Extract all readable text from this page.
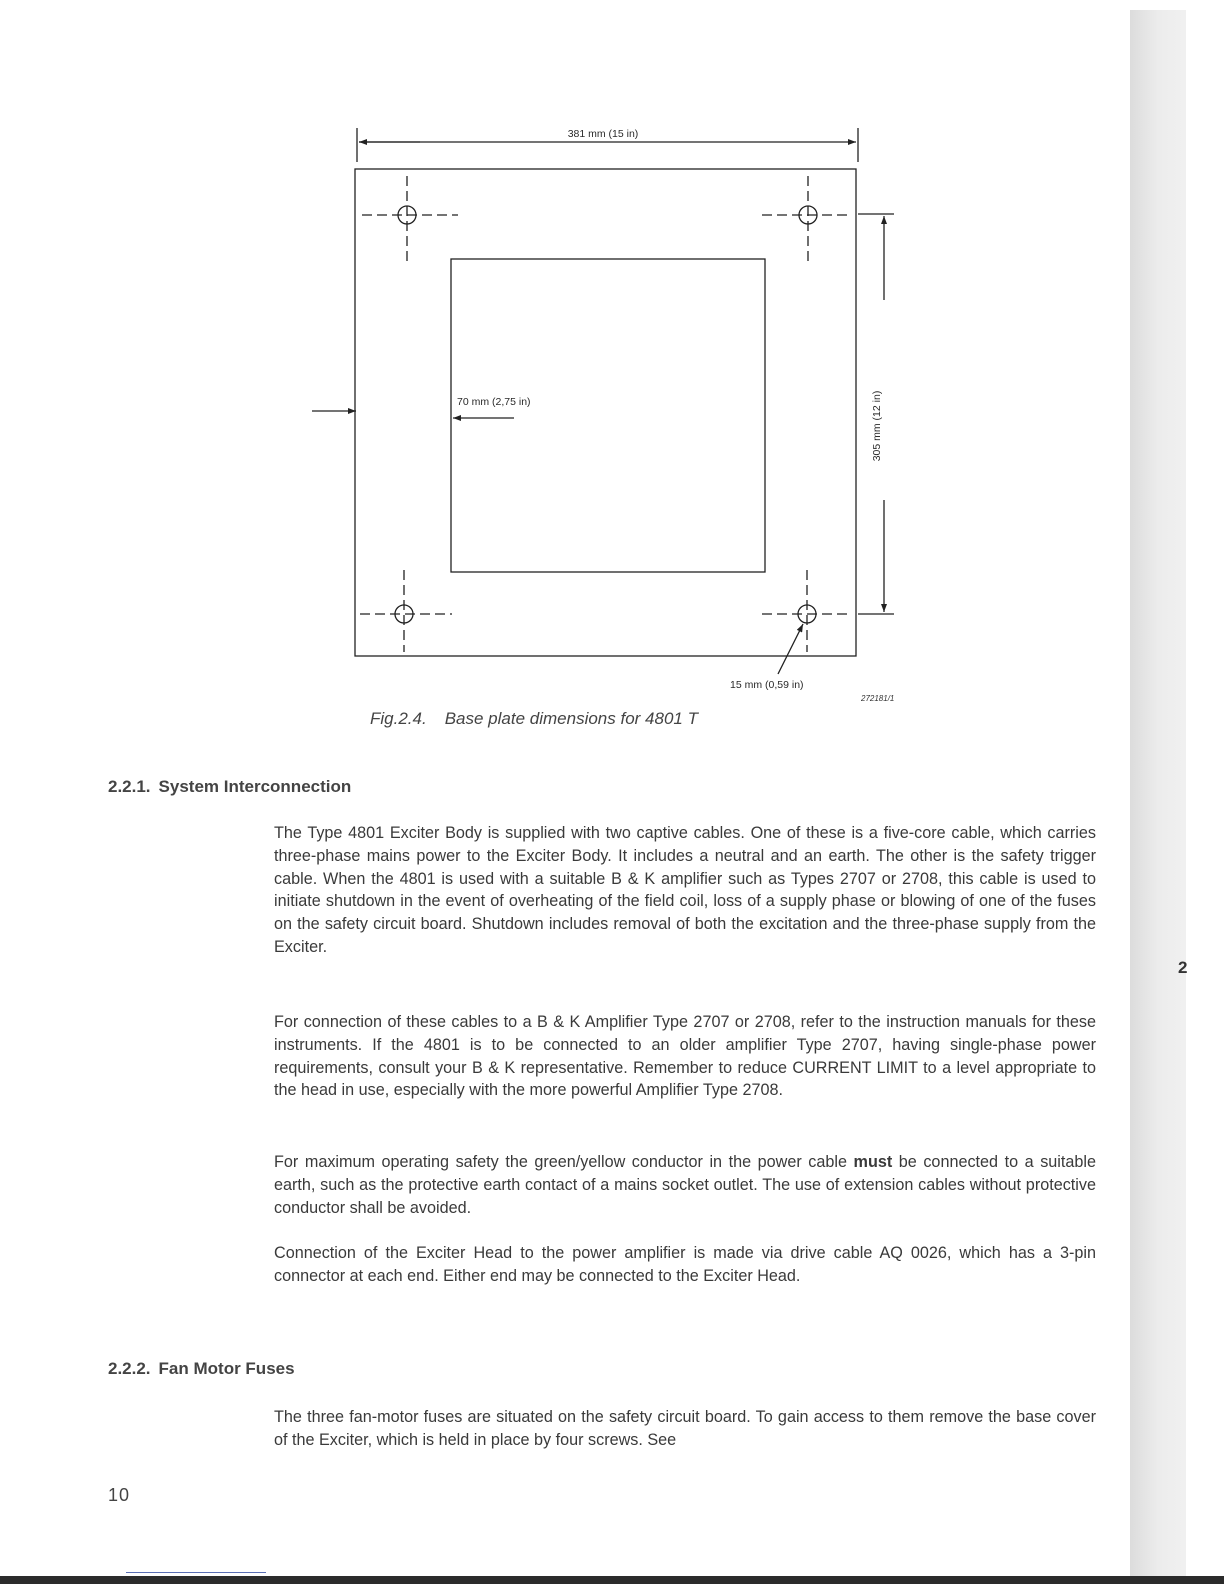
2
381 mm (15 in)
305 mm (12 in)
70 mm (2,75 in)
15 mm (0,59 in)
272181/1
Fig.2.4. Base plate dimensions for 4801 T
2.2.1. System Interconnection

The Type 4801 Exciter Body is supplied with two captive cables. One of these is a five-core cable, which carries three-phase mains power to the Exciter Body. It includes a neutral and an earth. The other is the safety trigger cable. When the 4801 is used with a suitable B & K amplifier such as Types 2707 or 2708, this cable is used to initiate shutdown in the event of overheating of the field coil, loss of a supply phase or blowing of one of the fuses on the safety circuit board. Shutdown includes removal of both the excitation and the three-phase supply from the Exciter.

For connection of these cables to a B & K Amplifier Type 2707 or 2708, refer to the instruction manuals for these instruments. If the 4801 is to be connected to an older amplifier Type 2707, having single-phase power requirements, consult your B & K representative. Remember to reduce CURRENT LIMIT to a level appropriate to the head in use, especially with the more powerful Amplifier Type 2708.

For maximum operating safety the green/yellow conductor in the power cable must be connected to a suitable earth, such as the protective earth contact of a mains socket outlet. The use of extension cables without protective conductor shall be avoided.

Connection of the Exciter Head to the power amplifier is made via drive cable AQ 0026, which has a 3-pin connector at each end. Either end may be connected to the Exciter Head.

2.2.2. Fan Motor Fuses

The three fan-motor fuses are situated on the safety circuit board. To gain access to them remove the base cover of the Exciter, which is held in place by four screws. See

10
